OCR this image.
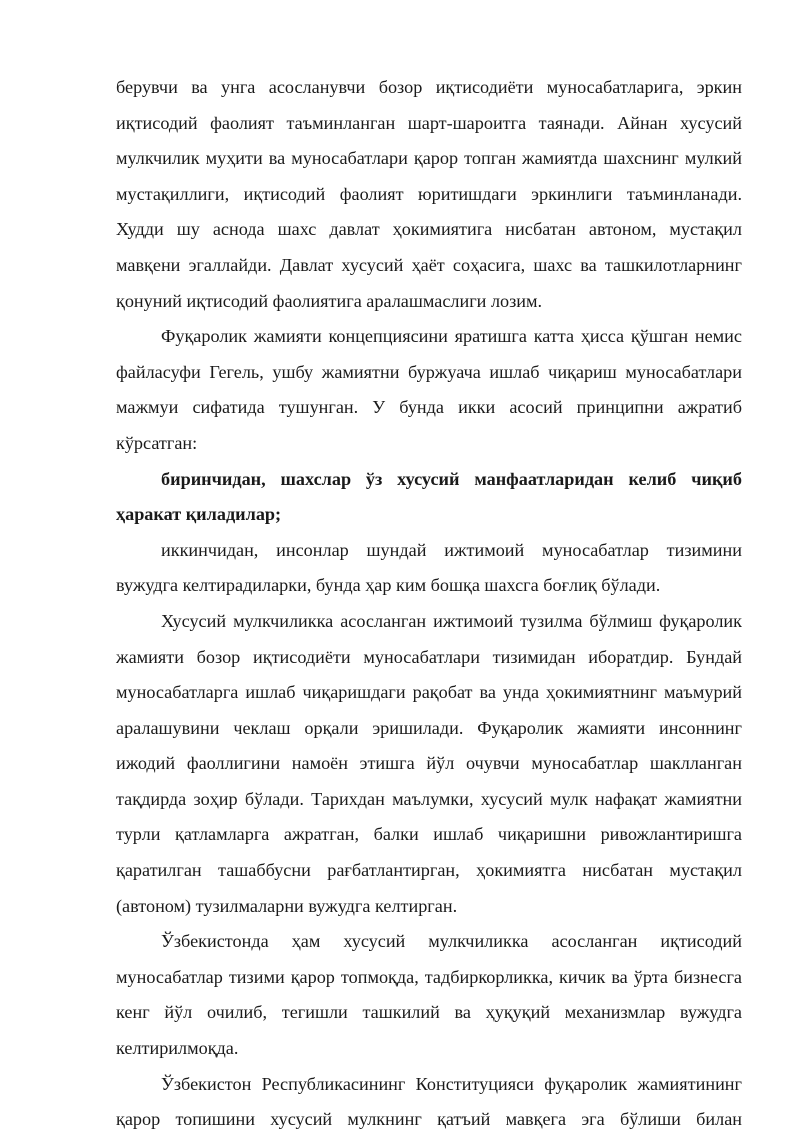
берувчи ва унга асосланувчи бозор иқтисодиёти муносабатларига, эркин иқтисодий фаолият таъминланган шарт-шароитга таянади. Айнан хусусий мулкчилик муҳити ва муносабатлари қарор топган жамиятда шахснинг мулкий мустақиллиги, иқтисодий фаолият юритишдаги эркинлиги таъминланади. Худди шу аснода шахс давлат ҳокимиятига нисбатан автоном, мустақил мавқени эгаллайди. Давлат хусусий ҳаёт соҳасига, шахс ва ташкилотларнинг қонуний иқтисодий фаолиятига аралашмаслиги лозим.

Фуқаролик жамияти концепциясини яратишга катта ҳисса қўшган немис файласуфи Гегель, ушбу жамиятни буржуача ишлаб чиқариш муносабатлари мажмуи сифатида тушунган. У бунда икки асосий принципни ажратиб кўрсатган:

биринчидан, шахслар ўз хусусий манфаатларидан келиб чиқиб ҳаракат қиладилар;

иккинчидан, инсонлар шундай ижтимоий муносабатлар тизимини вужудга келтирадиларки, бунда ҳар ким бошқа шахсга боғлиқ бўлади.

Хусусий мулкчиликка асосланган ижтимоий тузилма бўлмиш фуқаролик жамияти бозор иқтисодиёти муносабатлари тизимидан иборатдир. Бундай муносабатларга ишлаб чиқаришдаги рақобат ва унда ҳокимиятнинг маъмурий аралашувини чеклаш орқали эришилади. Фуқаролик жамияти инсоннинг ижодий фаоллигини намоён этишга йўл очувчи муносабатлар шаклланган тақдирда зоҳир бўлади. Тарихдан маълумки, хусусий мулк нафақат жамиятни турли қатламларга ажратган, балки ишлаб чиқаришни ривожлантиришга қаратилган ташаббусни рағбатлантирган, ҳокимиятга нисбатан мустақил (автоном) тузилмаларни вужудга келтирган.

Ўзбекистонда ҳам хусусий мулкчиликка асосланган иқтисодий муносабатлар тизими қарор топмоқда, тадбиркорликка, кичик ва ўрта бизнесга кенг йўл очилиб, тегишли ташкилий ва ҳуқуқий механизмлар вужудга келтирилмоқда.

Ўзбекистон Республикасининг Конституцияси фуқаролик жамиятининг қарор топишини хусусий мулкнинг қатъий мавқега эга бўлиши билан
